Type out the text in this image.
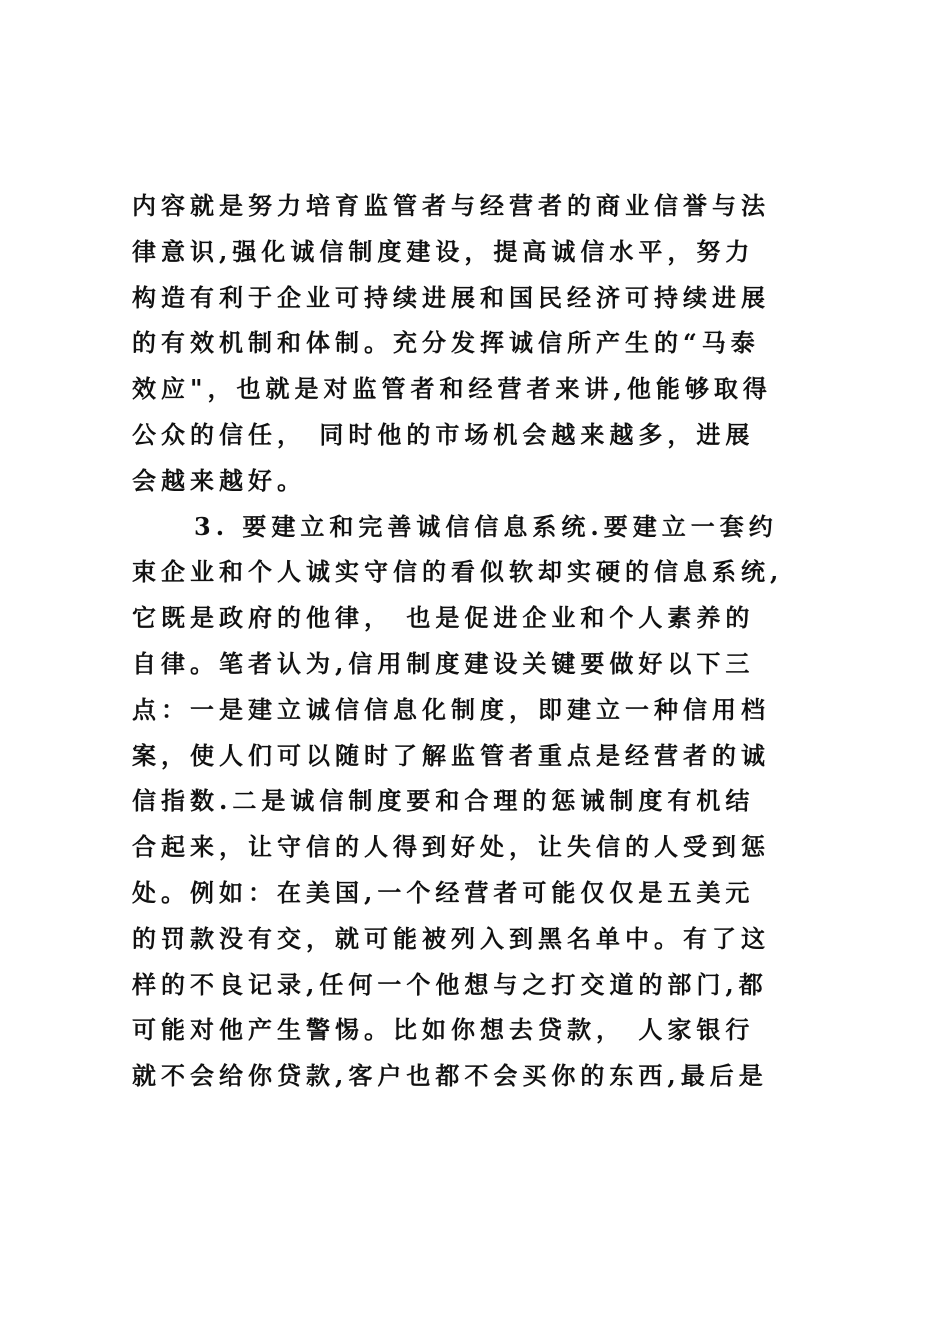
内容就是努力培育监管者与经营者的商业信誉与法
律意识,强化诚信制度建设，提高诚信水平，努力
构造有利于企业可持续进展和国民经济可持续进展
的有效机制和体制。充分发挥诚信所产生的“马泰
效应"，也就是对监管者和经营者来讲,他能够取得
公众的信任， 同时他的市场机会越来越多，进展
会越来越好。
3. 要建立和完善诚信信息系统.要建立一套约
束企业和个人诚实守信的看似软却实硬的信息系统,
它既是政府的他律， 也是促进企业和个人素养的
自律。笔者认为,信用制度建设关键要做好以下三
点：一是建立诚信信息化制度，即建立一种信用档
案，使人们可以随时了解监管者重点是经营者的诚
信指数.二是诚信制度要和合理的惩诫制度有机结
合起来，让守信的人得到好处，让失信的人受到惩
处。例如：在美国,一个经营者可能仅仅是五美元
的罚款没有交，就可能被列入到黑名单中。有了这
样的不良记录,任何一个他想与之打交道的部门,都
可能对他产生警惕。比如你想去贷款， 人家银行
就不会给你贷款,客户也都不会买你的东西,最后是
